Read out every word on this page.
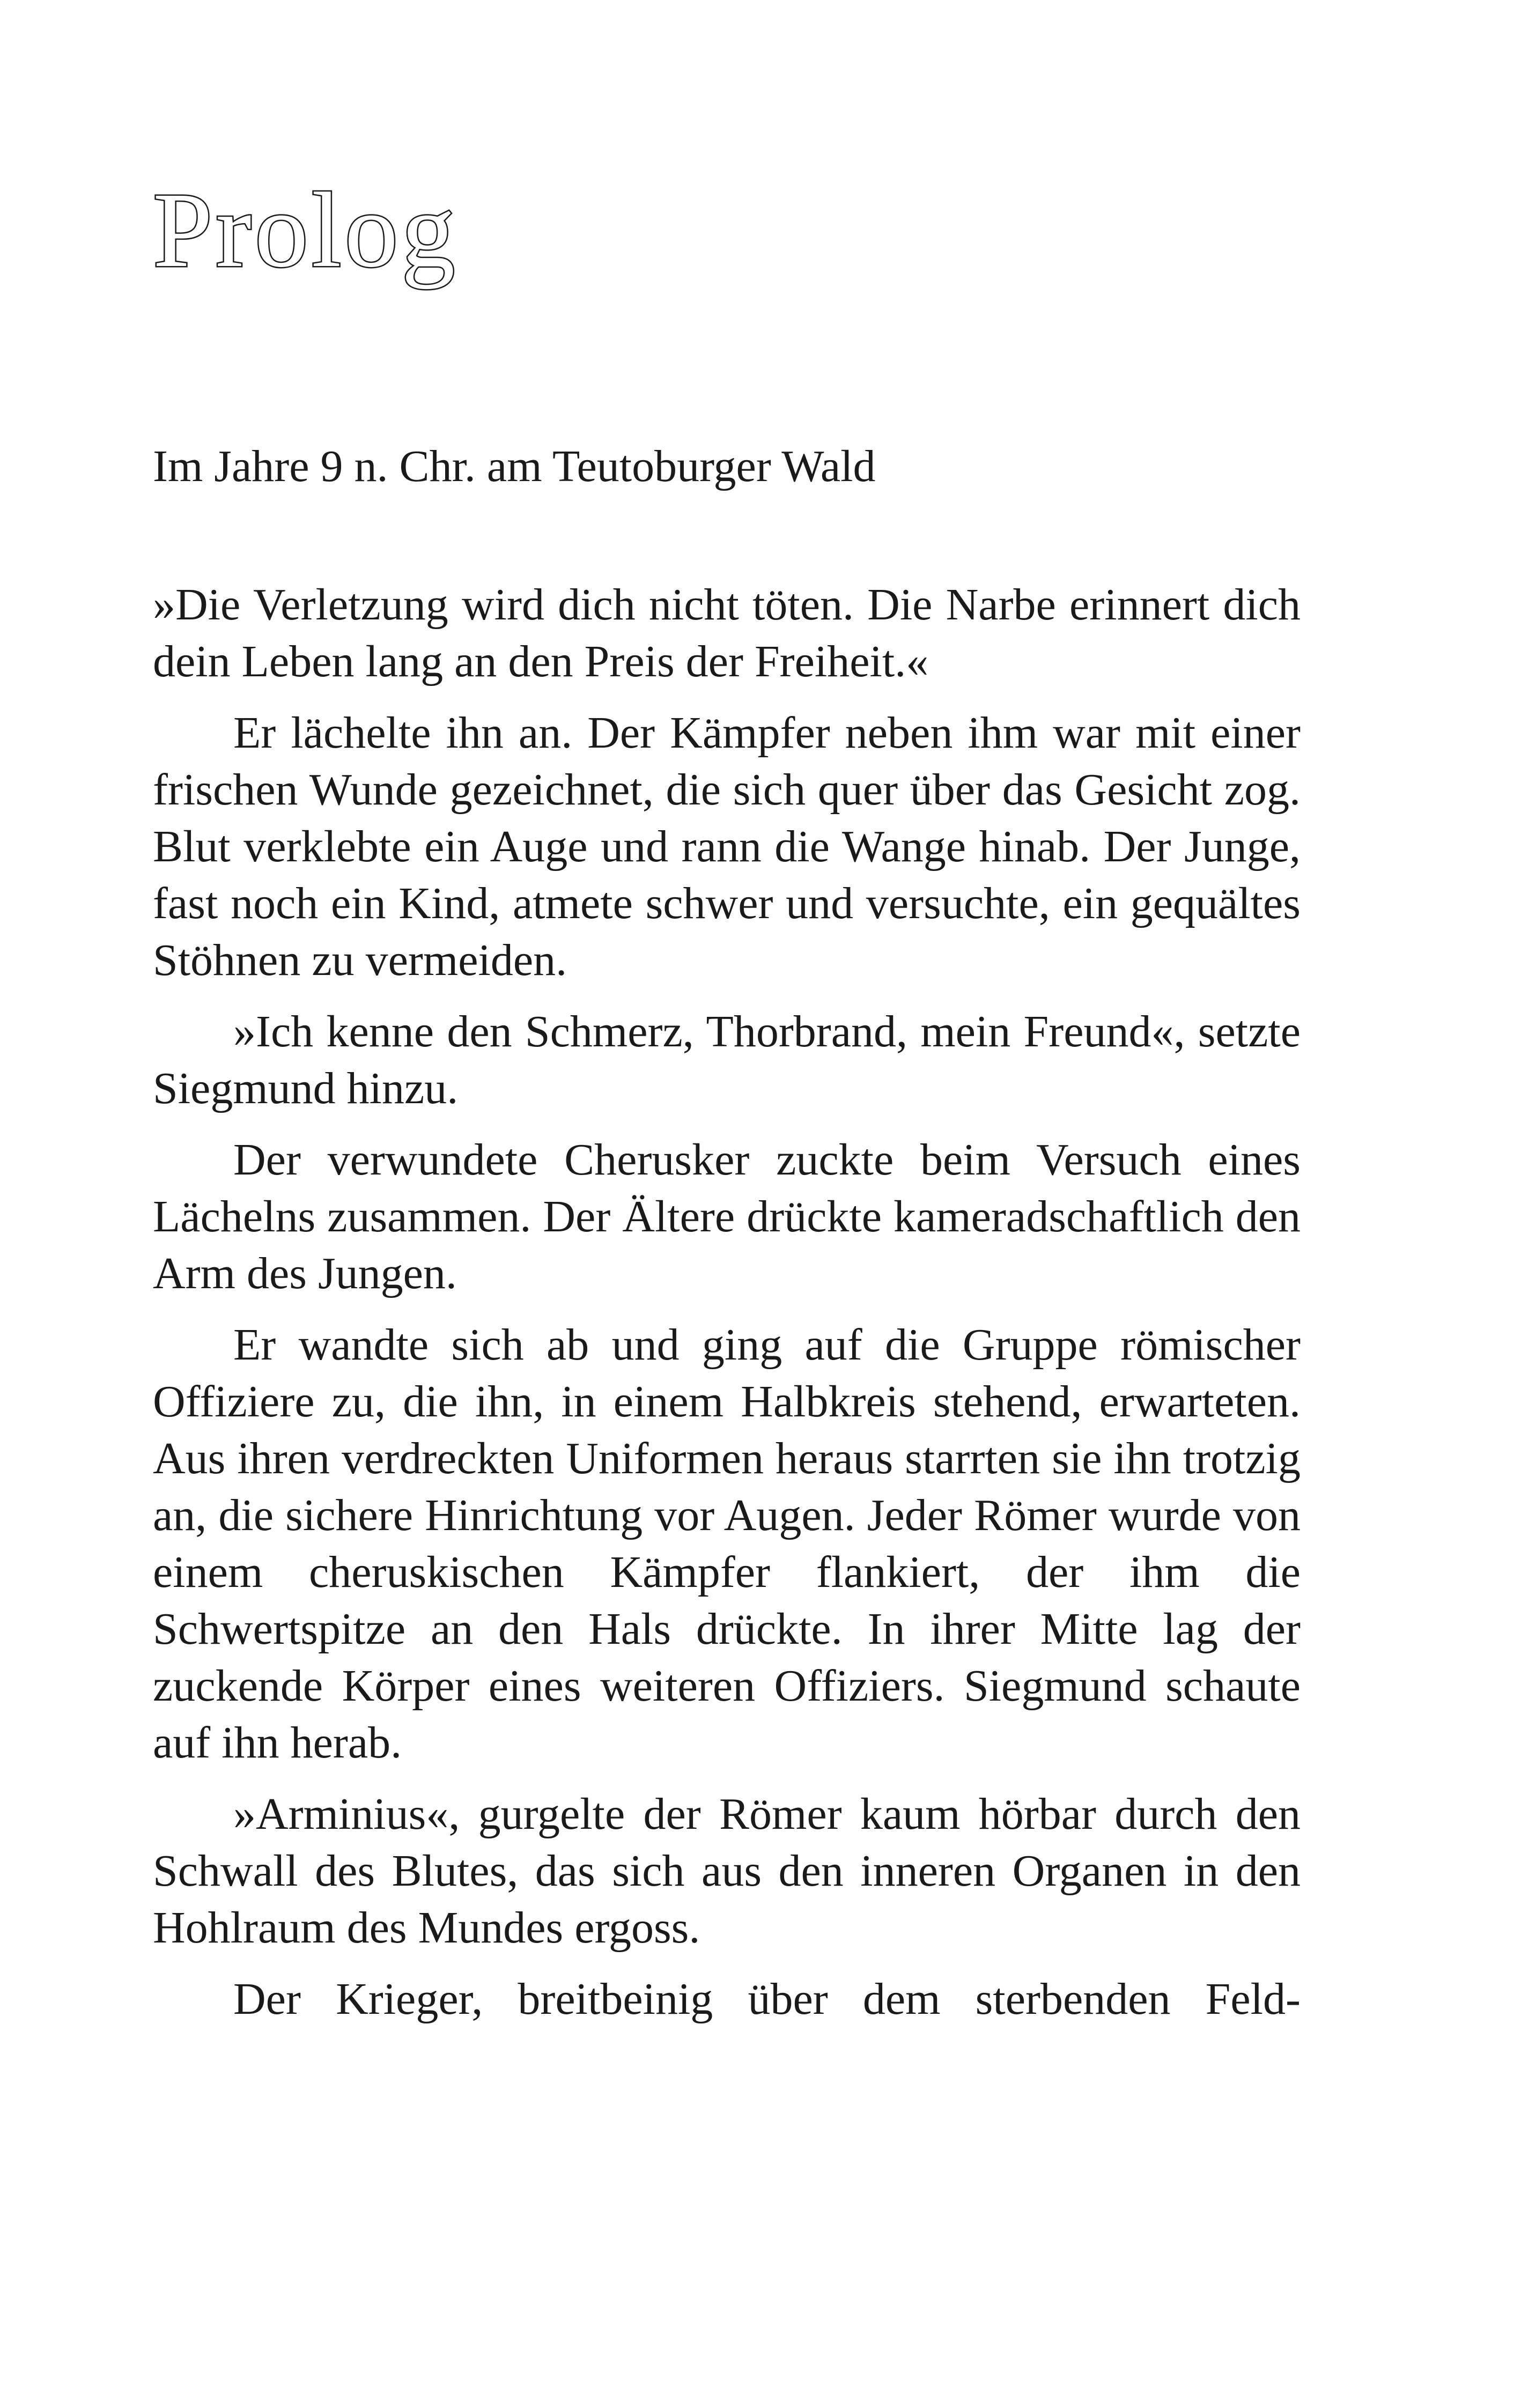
Prolog

Im Jahre 9 n. Chr. am Teutoburger Wald

»Die Verletzung wird dich nicht töten. Die Narbe erinnert dich dein Leben lang an den Preis der Freiheit.«

Er lächelte ihn an. Der Kämpfer neben ihm war mit einer frischen Wunde gezeichnet, die sich quer über das Gesicht zog. Blut verklebte ein Auge und rann die Wange hinab. Der Junge, fast noch ein Kind, atmete schwer und versuchte, ein gequältes Stöhnen zu vermeiden.

»Ich kenne den Schmerz, Thorbrand, mein Freund«, setzte Siegmund hinzu.

Der verwundete Cherusker zuckte beim Versuch eines Lächelns zusammen. Der Ältere drückte kameradschaftlich den Arm des Jungen.

Er wandte sich ab und ging auf die Gruppe römischer Offiziere zu, die ihn, in einem Halbkreis stehend, erwarteten. Aus ihren verdreckten Uniformen heraus starrten sie ihn trotzig an, die sichere Hinrichtung vor Augen. Jeder Römer wurde von einem cheruskischen Kämpfer flankiert, der ihm die Schwertspitze an den Hals drückte. In ihrer Mitte lag der zuckende Körper eines weiteren Offiziers. Siegmund schaute auf ihn herab.

»Arminius«, gurgelte der Römer kaum hörbar durch den Schwall des Blutes, das sich aus den inneren Organen in den Hohlraum des Mundes ergoss.

Der Krieger, breitbeinig über dem sterbenden Feld-
